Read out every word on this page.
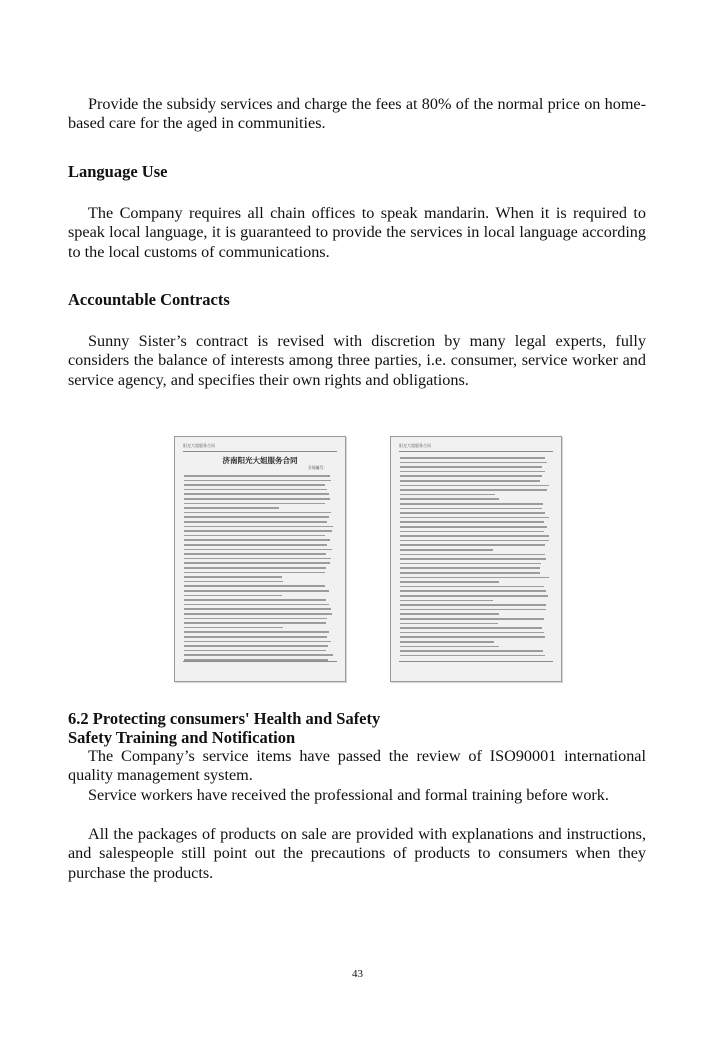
Provide the subsidy services and charge the fees at 80% of the normal price on home-based care for the aged in communities.

Language Use

The Company requires all chain offices to speak mandarin. When it is required to speak local language, it is guaranteed to provide the services in local language according to the local customs of communications.

Accountable Contracts

Sunny Sister’s contract is revised with discretion by many legal experts, fully considers the balance of interests among three parties, i.e. consumer, service worker and service agency, and specifies their own rights and obligations.

阳光大姐服务合同
济南阳光大姐服务合同
合同编号：
阳光大姐服务合同

6.2 Protecting consumers' Health and Safety

Safety Training and Notification

The Company’s service items have passed the review of ISO90001 international quality management system.

Service workers have received the professional and formal training before work.

All the packages of products on sale are provided with explanations and instructions, and salespeople still point out the precautions of products to consumers when they purchase the products.

43
